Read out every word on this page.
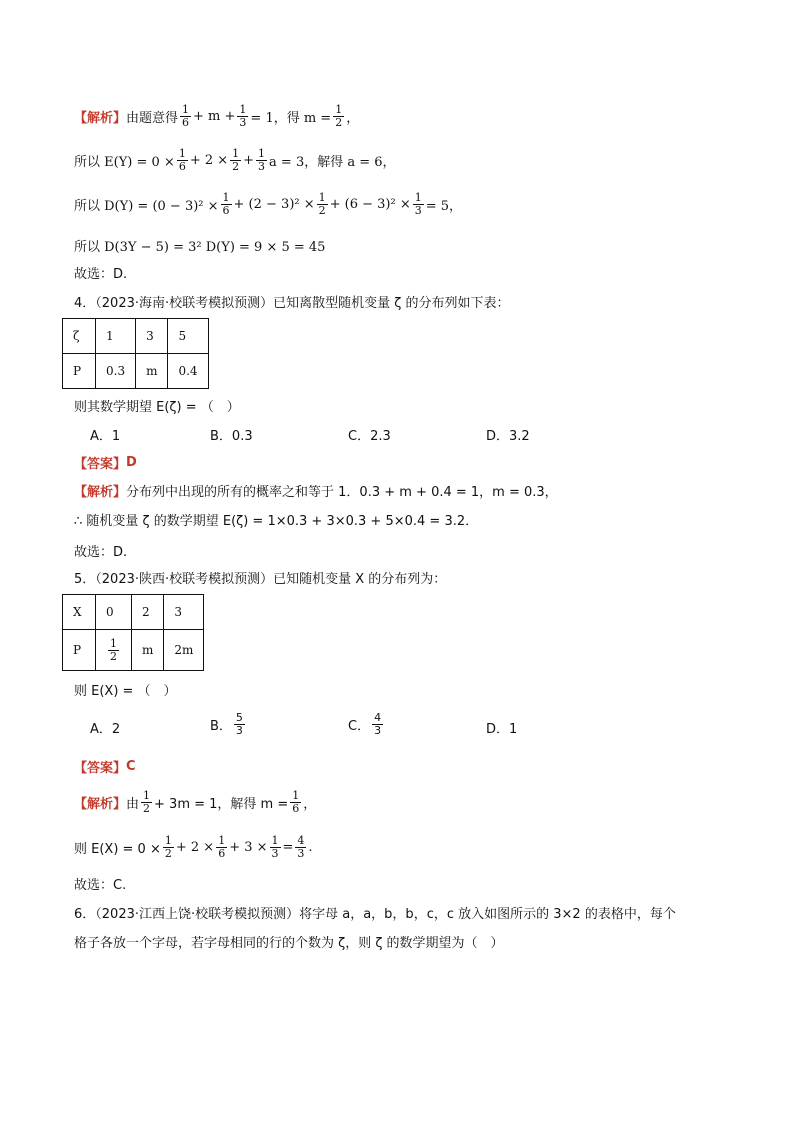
【解析】 由题意得 $\frac{1}{6} + m + \frac{1}{3} = 1$，得 $m = \frac{1}{2}$ ，
所以 $E(Y) = 0 \times \frac{1}{6} + 2 \times \frac{1}{2} + \frac{1}{3}$ a = 3，解得 a = 6，
所以 $D(Y) = (0 - 3)^2 \times \frac{1}{6} + (2 - 3)^2 \times \frac{1}{2} + (6 - 3)^2 \times \frac{1}{3} = 5$，
所以 D(3Y − 5) = 3² D(Y) = 9 × 5 = 45
故选：D.
4．（2023·海南·校联考模拟预测）已知离散型随机变量 ζ 的分布列如下表：
ζ	1	3	5
P	0.3	m	0.4
则其数学期望 E(ζ) = （　）
A．1	B．0.3	C．2.3	D．3.2
【答案】 D
【解析】 分布列中出现的所有的概率之和等于 1．0.3 + m + 0.4 = 1，m = 0.3，
∴ 随机变量 ζ 的数学期望 E(ζ) = 1×0.3 + 3×0.3 + 5×0.4 = 3.2．
故选：D.
5．（2023·陕西·校联考模拟预测）已知随机变量 X 的分布列为：
X	0	2	3
P	$\frac{1}{2}$	m	2m
则 E(X) = （　）
A．2	B． $\frac{5}{3}$	C． $\frac{4}{3}$	D．1
【答案】 C
【解析】 由 $\frac{1}{2} + 3m = 1$，解得 $m = \frac{1}{6}$ ，
则 $E(X) = 0 \times \frac{1}{2} + 2 \times \frac{1}{6} + 3 \times \frac{1}{3} = \frac{4}{3}$ .
故选：C.
6．（2023·江西上饶·校联考模拟预测）将字母 a，a，b，b，c，c 放入如图所示的 3×2 的表格中，每个
格子各放一个字母，若字母相同的行的个数为 ζ，则 ζ 的数学期望为（　）
